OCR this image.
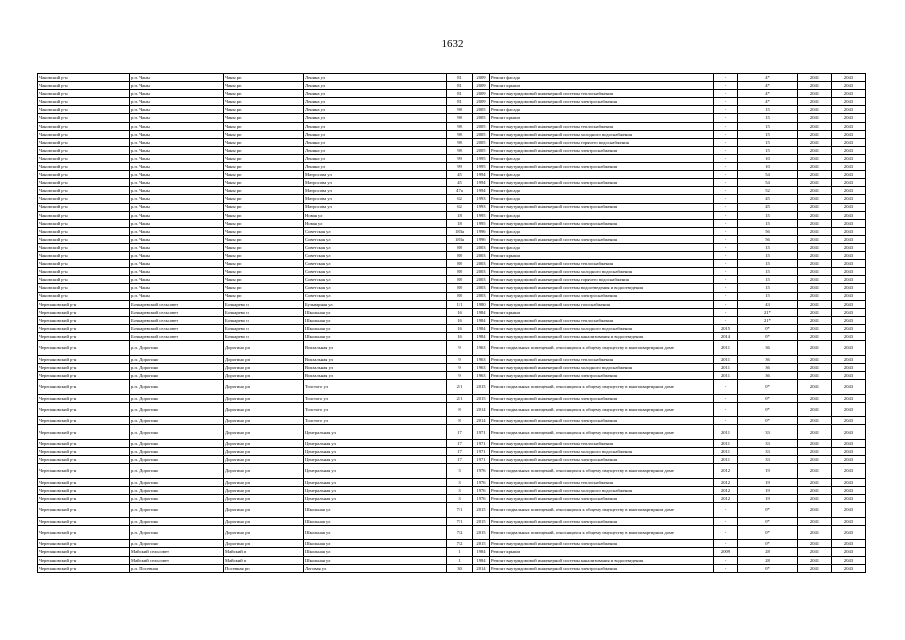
1632
Чановский р-н	р.п. Чаны	Чаны рп	Ленина ул	81	2009	Ремонт фасада	-	4*	2041	2043
Чановский р-н	р.п. Чаны	Чаны рп	Ленина ул	81	2009	Ремонт крыши	-	4*	2041	2043
Чановский р-н	р.п. Чаны	Чаны рп	Ленина ул	81	2009	Ремонт внутридомовой инженерной системы теплоснабжения	-	4*	2041	2043
Чановский р-н	р.п. Чаны	Чаны рп	Ленина ул	81	2009	Ремонт внутридомовой инженерной системы электроснабжения	-	4*	2041	2043
Чановский р-н	р.п. Чаны	Чаны рп	Ленина ул	98	2005	Ремонт фасада	-	15	2041	2043
Чановский р-н	р.п. Чаны	Чаны рп	Ленина ул	98	2005	Ремонт крыши	-	15	2041	2043
Чановский р-н	р.п. Чаны	Чаны рп	Ленина ул	98	2005	Ремонт внутридомовой инженерной системы теплоснабжения	-	15	2041	2043
Чановский р-н	р.п. Чаны	Чаны рп	Ленина ул	98	2005	Ремонт внутридомовой инженерной системы холодного водоснабжения	-	15	2041	2043
Чановский р-н	р.п. Чаны	Чаны рп	Ленина ул	98	2005	Ремонт внутридомовой инженерной системы горячего водоснабжения	-	15	2041	2043
Чановский р-н	р.п. Чаны	Чаны рп	Ленина ул	98	2005	Ремонт внутридомовой инженерной системы электроснабжения	-	15	2041	2043
Чановский р-н	р.п. Чаны	Чаны рп	Ленина ул	99	1995	Ремонт фасада	-	10	2041	2043
Чановский р-н	р.п. Чаны	Чаны рп	Ленина ул	99	1995	Ремонт внутридомовой инженерной системы электроснабжения	-	10	2041	2043
Чановский р-н	р.п. Чаны	Чаны рп	Матросова ул	45	1994	Ремонт фасада	-	54	2041	2043
Чановский р-н	р.п. Чаны	Чаны рп	Матросова ул	45	1994	Ремонт внутридомовой инженерной системы электроснабжения	-	54	2041	2043
Чановский р-н	р.п. Чаны	Чаны рп	Матросова ул	47а	1994	Ремонт фасада	-	52	2041	2043
Чановский р-н	р.п. Чаны	Чаны рп	Матросова ул	62	1993	Ремонт фасада	-	45	2041	2043
Чановский р-н	р.п. Чаны	Чаны рп	Матросова ул	62	1993	Ремонт внутридомовой инженерной системы электроснабжения	-	45	2041	2043
Чановский р-н	р.п. Чаны	Чаны рп	Новая ул	18	1995	Ремонт фасада	-	15	2041	2043
Чановский р-н	р.п. Чаны	Чаны рп	Новая ул	18	1995	Ремонт внутридомовой инженерной системы электроснабжения	-	15	2041	2043
Чановский р-н	р.п. Чаны	Чаны рп	Советская ул	183а	1996	Ремонт фасада	-	56	2041	2043
Чановский р-н	р.п. Чаны	Чаны рп	Советская ул	183а	1996	Ремонт внутридомовой инженерной системы электроснабжения	-	56	2041	2043
Чановский р-н	р.п. Чаны	Чаны рп	Советская ул	88	2003	Ремонт фасада	-	15	2041	2043
Чановский р-н	р.п. Чаны	Чаны рп	Советская ул	88	2003	Ремонт крыши	-	15	2041	2043
Чановский р-н	р.п. Чаны	Чаны рп	Советская ул	88	2003	Ремонт внутридомовой инженерной системы теплоснабжения	-	15	2041	2043
Чановский р-н	р.п. Чаны	Чаны рп	Советская ул	88	2003	Ремонт внутридомовой инженерной системы холодного водоснабжения	-	15	2041	2043
Чановский р-н	р.п. Чаны	Чаны рп	Советская ул	88	2003	Ремонт внутридомовой инженерной системы горячего водоснабжения	-	15	2041	2043
Чановский р-н	р.п. Чаны	Чаны рп	Советская ул	88	2003	Ремонт внутридомовой инженерной системы водоотведения и водоотведения	-	15	2041	2043
Чановский р-н	р.п. Чаны	Чаны рп	Советская ул	88	2003	Ремонт внутридомовой инженерной системы электроснабжения	-	15	2041	2043
Черепановский р-н	Бочкаревский сельсовет	Бочкарево п	Бульварная ул	1/1	1980	Ремонт внутридомовой инженерной системы газоснабжения	-	43	2041	2043
Черепановский р-н	Бочкаревский сельсовет	Бочкарево п	Школьная ул	16	1984	Ремонт крыши	-	21*	2041	2043
Черепановский р-н	Бочкаревский сельсовет	Бочкарево п	Школьная ул	16	1984	Ремонт внутридомовой инженерной системы теплоснабжения	-	21*	2041	2043
Черепановский р-н	Бочкаревский сельсовет	Бочкарево п	Школьная ул	16	1984	Ремонт внутридомовой инженерной системы холодного водоснабжения	2015	0*	2041	2043
Черепановский р-н	Бочкаревский сельсовет	Бочкарево п	Школьная ул	16	1984	Ремонт внутридомовой инженерной системы канализования и водоотведения	2014	0*	2041	2043
Черепановский р-н	р.п. Дорогино	Дорогино рп	Вокзальная ул	9	1963	Ремонт подвальных помещений, относящихся к общему имуществу в многоквартирном доме	2011	36	2041	2043
Черепановский р-н	р.п. Дорогино	Дорогино рп	Вокзальная ул	9	1963	Ремонт внутридомовой инженерной системы теплоснабжения	2011	36	2041	2043
Черепановский р-н	р.п. Дорогино	Дорогино рп	Вокзальная ул	9	1963	Ремонт внутридомовой инженерной системы холодного водоснабжения	2011	36	2041	2043
Черепановский р-н	р.п. Дорогино	Дорогино рп	Вокзальная ул	9	1963	Ремонт внутридомовой инженерной системы электроснабжения	2011	36	2041	2043
Черепановский р-н	р.п. Дорогино	Дорогино рп	Толстого ул	2/1	2015	Ремонт подвальных помещений, относящихся к общему имуществу в многоквартирном доме	-	0*	2041	2043
Черепановский р-н	р.п. Дорогино	Дорогино рп	Толстого ул	2/1	2015	Ремонт внутридомовой инженерной системы электроснабжения	-	0*	2041	2043
Черепановский р-н	р.п. Дорогино	Дорогино рп	Толстого ул	8	2014	Ремонт подвальных помещений, относящихся к общему имуществу в многоквартирном доме	-	0*	2041	2043
Черепановский р-н	р.п. Дорогино	Дорогино рп	Толстого ул	8	2014	Ремонт внутридомовой инженерной системы электроснабжения	-	0*	2041	2043
Черепановский р-н	р.п. Дорогино	Дорогино рп	Центральная ул	17	1971	Ремонт подвальных помещений, относящихся к общему имуществу в многоквартирном доме	2011	33	2041	2043
Черепановский р-н	р.п. Дорогино	Дорогино рп	Центральная ул	17	1971	Ремонт внутридомовой инженерной системы теплоснабжения	2011	33	2041	2043
Черепановский р-н	р.п. Дорогино	Дорогино рп	Центральная ул	17	1971	Ремонт внутридомовой инженерной системы холодного водоснабжения	2011	33	2041	2043
Черепановский р-н	р.п. Дорогино	Дорогино рп	Центральная ул	17	1971	Ремонт внутридомовой инженерной системы электроснабжения	2011	33	2041	2043
Черепановский р-н	р.п. Дорогино	Дорогино рп	Центральная ул	3	1976	Ремонт подвальных помещений, относящихся к общему имуществу в многоквартирном доме	2012	19	2041	2043
Черепановский р-н	р.п. Дорогино	Дорогино рп	Центральная ул	3	1976	Ремонт внутридомовой инженерной системы теплоснабжения	2012	19	2041	2043
Черепановский р-н	р.п. Дорогино	Дорогино рп	Центральная ул	3	1976	Ремонт внутридомовой инженерной системы холодного водоснабжения	2012	19	2041	2043
Черепановский р-н	р.п. Дорогино	Дорогино рп	Центральная ул	3	1976	Ремонт внутридомовой инженерной системы электроснабжения	2012	19	2041	2043
Черепановский р-н	р.п. Дорогино	Дорогино рп	Школьная ул	7/1	2015	Ремонт подвальных помещений, относящихся к общему имуществу в многоквартирном доме	-	0*	2041	2043
Черепановский р-н	р.п. Дорогино	Дорогино рп	Школьная ул	7/1	2015	Ремонт внутридомовой инженерной системы электроснабжения	-	0*	2041	2043
Черепановский р-н	р.п. Дорогино	Дорогино рп	Школьная ул	7/2	2015	Ремонт подвальных помещений, относящихся к общему имуществу в многоквартирном доме	-	0*	2041	2043
Черепановский р-н	р.п. Дорогино	Дорогино рп	Школьная ул	7/2	2015	Ремонт внутридомовой инженерной системы электроснабжения	-	0*	2041	2043
Черепановский р-н	Майский сельсовет	Майский п	Школьная ул	1	1984	Ремонт крыши	2009	28	2041	2043
Черепановский р-н	Майский сельсовет	Майский п	Школьная ул	1	1984	Ремонт внутридомовой инженерной системы канализования и водоотведения	-	28	2041	2043
Черепановский р-н	р.п. Посевная	Посевная рп	Логовая ул	30	2014	Ремонт внутридомовой инженерной системы электроснабжения	-	0*	2041	2043
